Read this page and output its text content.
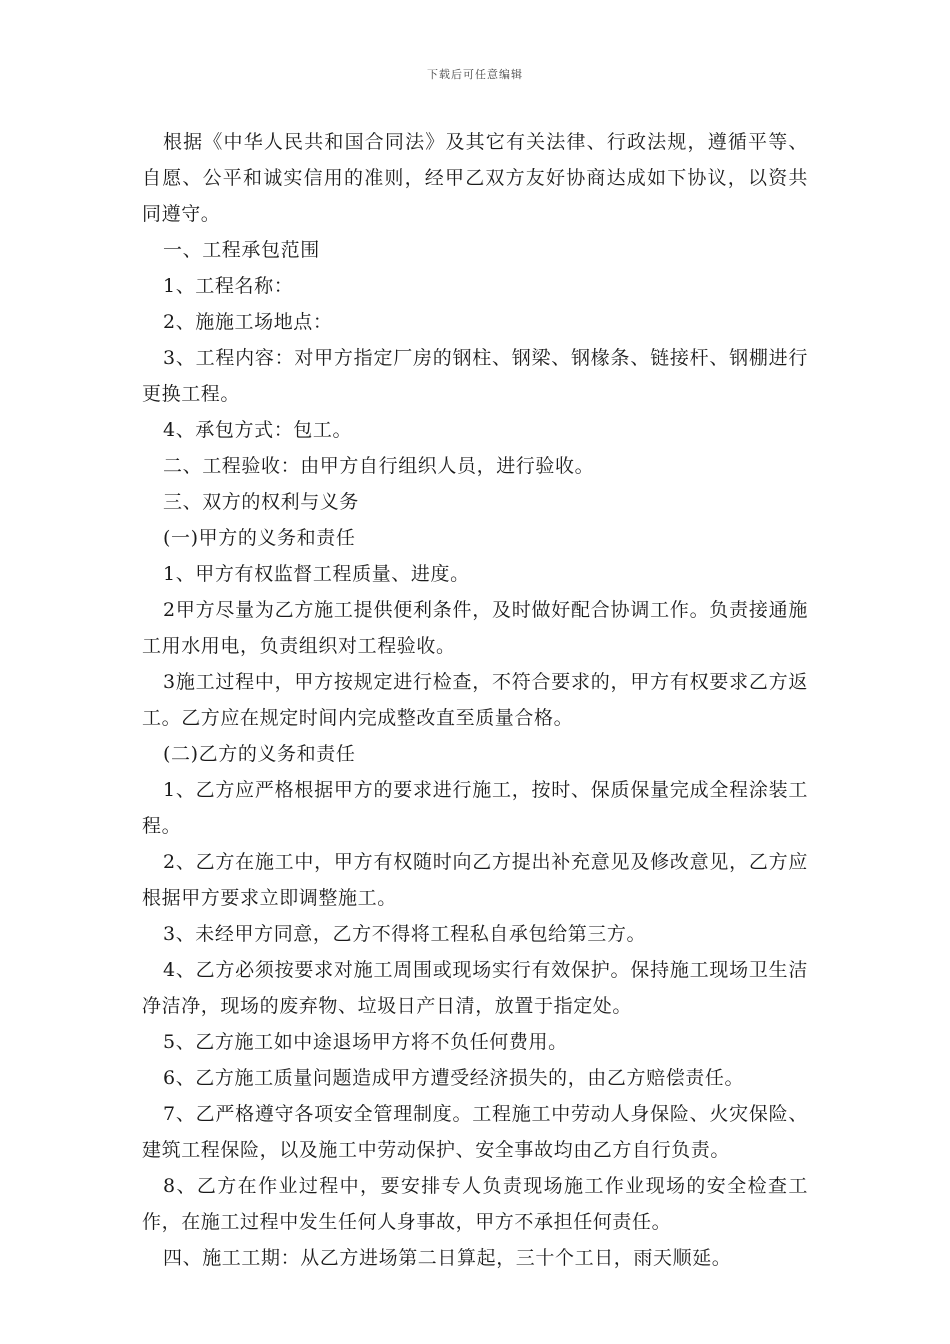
下载后可任意编辑

根据《中华人民共和国合同法》及其它有关法律、行政法规，遵循平等、自愿、公平和诚实信用的准则，经甲乙双方友好协商达成如下协议，以资共同遵守。

一、工程承包范围

1、工程名称：

2、施施工场地点：

3、工程内容：对甲方指定厂房的钢柱、钢梁、钢椽条、链接杆、钢棚进行更换工程。

4、承包方式：包工。

二、工程验收：由甲方自行组织人员，进行验收。

三、双方的权利与义务

(一)甲方的义务和责任

1、甲方有权监督工程质量、进度。

2甲方尽量为乙方施工提供便利条件，及时做好配合协调工作。负责接通施工用水用电，负责组织对工程验收。

3施工过程中，甲方按规定进行检查，不符合要求的，甲方有权要求乙方返工。乙方应在规定时间内完成整改直至质量合格。

(二)乙方的义务和责任

1、乙方应严格根据甲方的要求进行施工，按时、保质保量完成全程涂装工程。

2、乙方在施工中，甲方有权随时向乙方提出补充意见及修改意见，乙方应根据甲方要求立即调整施工。

3、未经甲方同意，乙方不得将工程私自承包给第三方。

4、乙方必须按要求对施工周围或现场实行有效保护。保持施工现场卫生洁净洁净，现场的废弃物、垃圾日产日清，放置于指定处。

5、乙方施工如中途退场甲方将不负任何费用。

6、乙方施工质量问题造成甲方遭受经济损失的，由乙方赔偿责任。

7、乙严格遵守各项安全管理制度。工程施工中劳动人身保险、火灾保险、建筑工程保险，以及施工中劳动保护、安全事故均由乙方自行负责。

8、乙方在作业过程中，要安排专人负责现场施工作业现场的安全检查工作，在施工过程中发生任何人身事故，甲方不承担任何责任。

四、施工工期：从乙方进场第二日算起，三十个工日，雨天顺延。
